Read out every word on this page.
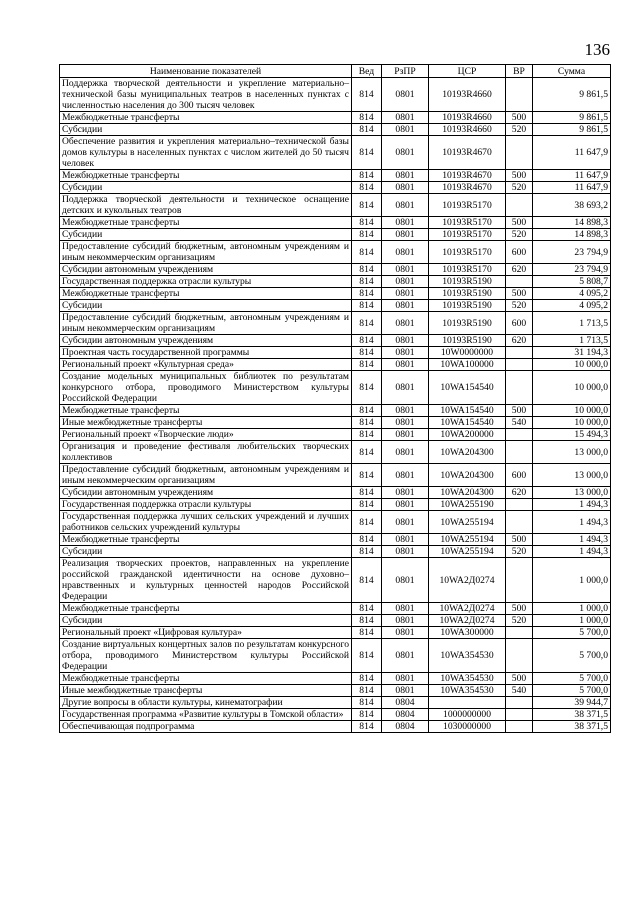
136
Наименование показателей	Вед	РзПР	ЦСР	ВР	Сумма
Поддержка творческой деятельности и укрепление материально–технической базы муниципальных театров в населенных пунктах с численностью населения до 300 тысяч человек	814	0801	10193R4660		9 861,5
Межбюджетные трансферты	814	0801	10193R4660	500	9 861,5
Субсидии	814	0801	10193R4660	520	9 861,5
Обеспечение развития и укрепления материально–технической базы домов культуры в населенных пунктах с числом жителей до 50 тысяч человек	814	0801	10193R4670		11 647,9
Межбюджетные трансферты	814	0801	10193R4670	500	11 647,9
Субсидии	814	0801	10193R4670	520	11 647,9
Поддержка творческой деятельности и техническое оснащение детских и кукольных театров	814	0801	10193R5170		38 693,2
Межбюджетные трансферты	814	0801	10193R5170	500	14 898,3
Субсидии	814	0801	10193R5170	520	14 898,3
Предоставление субсидий бюджетным, автономным учреждениям и иным некоммерческим организациям	814	0801	10193R5170	600	23 794,9
Субсидии автономным учреждениям	814	0801	10193R5170	620	23 794,9
Государственная поддержка отрасли культуры	814	0801	10193R5190		5 808,7
Межбюджетные трансферты	814	0801	10193R5190	500	4 095,2
Субсидии	814	0801	10193R5190	520	4 095,2
Предоставление субсидий бюджетным, автономным учреждениям и иным некоммерческим организациям	814	0801	10193R5190	600	1 713,5
Субсидии автономным учреждениям	814	0801	10193R5190	620	1 713,5
Проектная часть государственной программы	814	0801	10W0000000		31 194,3
Региональный проект «Культурная среда»	814	0801	10WA100000		10 000,0
Создание модельных муниципальных библиотек по результатам конкурсного отбора, проводимого Министерством культуры Российской Федерации	814	0801	10WA154540		10 000,0
Межбюджетные трансферты	814	0801	10WA154540	500	10 000,0
Иные межбюджетные трансферты	814	0801	10WA154540	540	10 000,0
Региональный проект «Творческие люди»	814	0801	10WA200000		15 494,3
Организация и проведение фестиваля любительских творческих коллективов	814	0801	10WA204300		13 000,0
Предоставление субсидий бюджетным, автономным учреждениям и иным некоммерческим организациям	814	0801	10WA204300	600	13 000,0
Субсидии автономным учреждениям	814	0801	10WA204300	620	13 000,0
Государственная поддержка отрасли культуры	814	0801	10WA255190		1 494,3
Государственная поддержка лучших сельских учреждений и лучших работников сельских учреждений культуры	814	0801	10WA255194		1 494,3
Межбюджетные трансферты	814	0801	10WA255194	500	1 494,3
Субсидии	814	0801	10WA255194	520	1 494,3
Реализация творческих проектов, направленных на укрепление российской гражданской идентичности на основе духовно–нравственных и культурных ценностей народов Российской Федерации	814	0801	10WA2Д0274		1 000,0
Межбюджетные трансферты	814	0801	10WA2Д0274	500	1 000,0
Субсидии	814	0801	10WA2Д0274	520	1 000,0
Региональный проект «Цифровая культура»	814	0801	10WA300000		5 700,0
Создание виртуальных концертных залов по результатам конкурсного отбора, проводимого Министерством культуры Российской Федерации	814	0801	10WA354530		5 700,0
Межбюджетные трансферты	814	0801	10WA354530	500	5 700,0
Иные межбюджетные трансферты	814	0801	10WA354530	540	5 700,0
Другие вопросы в области культуры, кинематографии	814	0804			39 944,7
Государственная программа «Развитие культуры в Томской области»	814	0804	1000000000		38 371,5
Обеспечивающая подпрограмма	814	0804	1030000000		38 371,5
